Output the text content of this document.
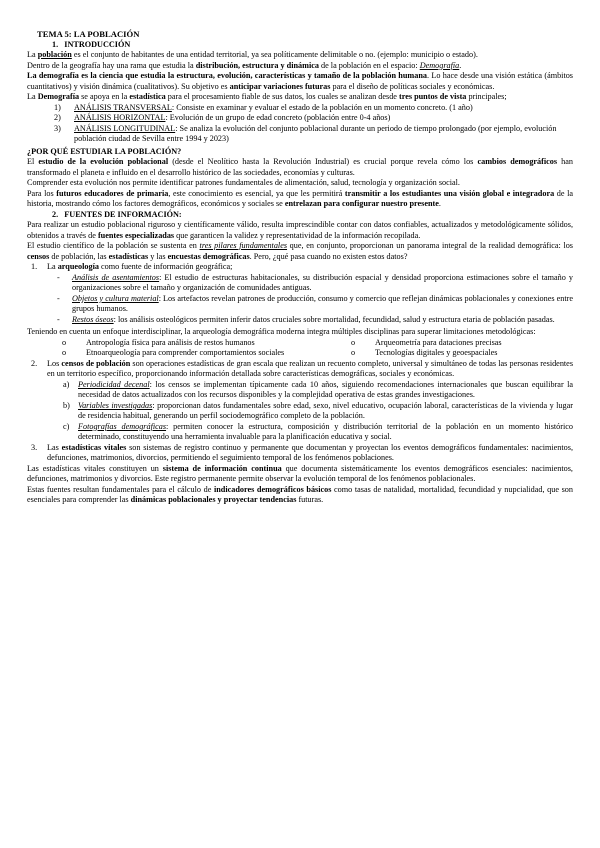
TEMA 5: LA POBLACIÓN

1. INTRODUCCIÓN

La población es el conjunto de habitantes de una entidad territorial, ya sea políticamente delimitable o no. (ejemplo: municipio o estado).

Dentro de la geografía hay una rama que estudia la distribución, estructura y dinámica de la población en el espacio: Demografía.
La demografía es la ciencia que estudia la estructura, evolución, características y tamaño de la población humana. Lo hace desde una visión estática (ámbitos cuantitativos) y visión dinámica (cualitativos). Su objetivo es anticipar variaciones futuras para el diseño de políticas sociales y económicas.

La Demografía se apoya en la estadística para el procesamiento fiable de sus datos, los cuales se analizan desde tres puntos de vista principales;

1)	ANÁLISIS TRANSVERSAL: Consiste en examinar y evaluar el estado de la población en un momento concreto. (1 año)
2)	ANÁLISIS HORIZONTAL: Evolución de un grupo de edad concreto (población entre 0-4 años)
3)	ANÁLISIS LONGITUDINAL: Se analiza la evolución del conjunto poblacional durante un periodo de tiempo prolongado (por ejemplo, evolución población ciudad de Sevilla entre 1994 y 2023)

¿POR QUÉ ESTUDIAR LA POBLACIÓN?

El estudio de la evolución poblacional (desde el Neolítico hasta la Revolución Industrial) es crucial porque revela cómo los cambios demográficos han transformado el planeta e influido en el desarrollo histórico de las sociedades, economías y culturas.

Comprender esta evolución nos permite identificar patrones fundamentales de alimentación, salud, tecnología y organización social.

Para los futuros educadores de primaria, este conocimiento es esencial, ya que les permitirá transmitir a los estudiantes una visión global e integradora de la historia, mostrando cómo los factores demográficos, económicos y sociales se entrelazan para configurar nuestro presente.

2. FUENTES DE INFORMACIÓN:

Para realizar un estudio poblacional riguroso y científicamente válido, resulta imprescindible contar con datos confiables, actualizados y metodológicamente sólidos, obtenidos a través de fuentes especializadas que garanticen la validez y representatividad de la información recopilada.

El estudio científico de la población se sustenta en tres pilares fundamentales que, en conjunto, proporcionan un panorama integral de la realidad demográfica: los censos de población, las estadísticas y las encuestas demográficas. Pero, ¿qué pasa cuando no existen estos datos?

1.	La arqueología como fuente de información geográfica;
-	Análisis de asentamientos: El estudio de estructuras habitacionales, su distribución espacial y densidad proporciona estimaciones sobre el tamaño y organizaciones sobre el tamaño y organización de comunidades antiguas.
-	Objetos y cultura material: Los artefactos revelan patrones de producción, consumo y comercio que reflejan dinámicas poblacionales y conexiones entre grupos humanos.
-	Restos óseos: los análisis osteológicos permiten inferir datos cruciales sobre mortalidad, fecundidad, salud y estructura etaria de población pasadas.

Teniendo en cuenta un enfoque interdisciplinar, la arqueología demográfica moderna integra múltiples disciplinas para superar limitaciones metodológicas:

o	Antropología física para análisis de restos humanos	o	Arqueometría para dataciones precisas
o	Etnoarqueología para comprender comportamientos sociales	o	Tecnologías digitales y geoespaciales
2.	Los censos de población son operaciones estadísticas de gran escala que realizan un recuento completo, universal y simultáneo de todas las personas residentes en un territorio específico, proporcionando información detallada sobre características demográficas, sociales y económicas.
a)	Periodicidad decenal: los censos se implementan típicamente cada 10 años, siguiendo recomendaciones internacionales que buscan equilibrar la necesidad de datos actualizados con los recursos disponibles y la complejidad operativa de estas grandes investigaciones.
b) Variables investigadas: proporcionan datos fundamentales sobre edad, sexo, nivel educativo, ocupación laboral, características de la vivienda y lugar de residencia habitual, generando un perfil sociodemográfico completo de la población.
c)	Fotografías demográficas: permiten conocer la estructura, composición y distribución territorial de la población en un momento histórico determinado, constituyendo una herramienta invaluable para la planificación educativa y social.
3.	Las estadísticas vitales son sistemas de registro continuo y permanente que documentan y proyectan los eventos demográficos fundamentales: nacimientos, defunciones, matrimonios, divorcios, permitiendo el seguimiento temporal de los fenómenos poblaciones.

Las estadísticas vitales constituyen un sistema de información continua que documenta sistemáticamente los eventos demográficos esenciales: nacimientos, defunciones, matrimonios y divorcios. Este registro permanente permite observar la evolución temporal de los fenómenos poblacionales.

Estas fuentes resultan fundamentales para el cálculo de indicadores demográficos básicos como tasas de natalidad, mortalidad, fecundidad y nupcialidad, que son esenciales para comprender las dinámicas poblacionales y proyectar tendencias futuras.
